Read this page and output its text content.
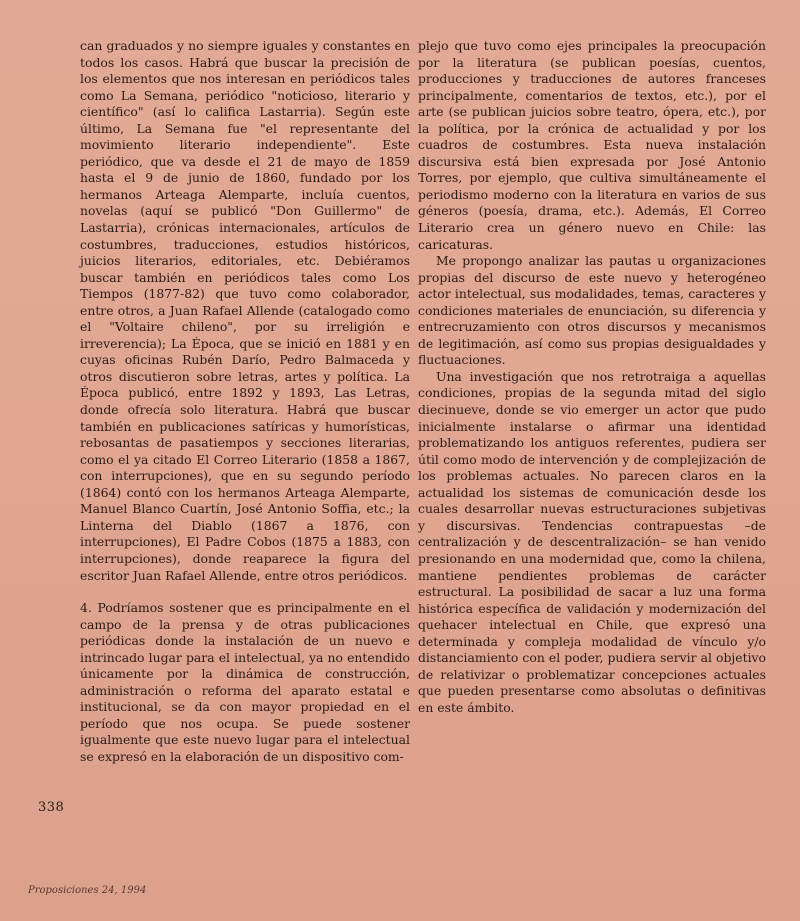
can graduados y no siempre iguales y constantes en todos los casos. Habrá que buscar la precisión de los elementos que nos interesan en periódicos tales como La Semana, periódico "noticioso, literario y científico" (así lo califica Lastarria). Según este último, La Semana fue "el representante del movimiento literario independiente". Este periódico, que va desde el 21 de mayo de 1859 hasta el 9 de junio de 1860, fundado por los hermanos Arteaga Alemparte, incluía cuentos, novelas (aquí se publicó "Don Guillermo" de Lastarria), crónicas internacionales, artículos de costumbres, traducciones, estudios históricos, juicios literarios, editoriales, etc. Debiéramos buscar también en periódicos tales como Los Tiempos (1877-82) que tuvo como colaborador, entre otros, a Juan Rafael Allende (catalogado como el "Voltaire chileno", por su irreligión e irreverencia); La Época, que se inició en 1881 y en cuyas oficinas Rubén Darío, Pedro Balmaceda y otros discutieron sobre letras, artes y política. La Época publicó, entre 1892 y 1893, Las Letras, donde ofrecía solo literatura. Habrá que buscar también en publicaciones satíricas y humorísticas, rebosantas de pasatiempos y secciones literarias, como el ya citado El Correo Literario (1858 a 1867, con interrupciones), que en su segundo período (1864) contó con los hermanos Arteaga Alemparte, Manuel Blanco Cuartín, José Antonio Soffia, etc.; la Linterna del Diablo (1867 a 1876, con interrupciones), El Padre Cobos (1875 a 1883, con interrupciones), donde reaparece la figura del escritor Juan Rafael Allende, entre otros periódicos.

4. Podríamos sostener que es principalmente en el campo de la prensa y de otras publicaciones periódicas donde la instalación de un nuevo e intrincado lugar para el intelectual, ya no entendido únicamente por la dinámica de construcción, administración o reforma del aparato estatal e institucional, se da con mayor propiedad en el período que nos ocupa. Se puede sostener igualmente que este nuevo lugar para el intelectual se expresó en la elaboración de un dispositivo com-

plejo que tuvo como ejes principales la preocupación por la literatura (se publican poesías, cuentos, producciones y traducciones de autores franceses principalmente, comentarios de textos, etc.), por el arte (se publican juicios sobre teatro, ópera, etc.), por la política, por la crónica de actualidad y por los cuadros de costumbres. Esta nueva instalación discursiva está bien expresada por José Antonio Torres, por ejemplo, que cultiva simultáneamente el periodismo moderno con la literatura en varios de sus géneros (poesía, drama, etc.). Además, El Correo Literario crea un género nuevo en Chile: las caricaturas.

Me propongo analizar las pautas u organizaciones propias del discurso de este nuevo y heterogéneo actor intelectual, sus modalidades, temas, caracteres y condiciones materiales de enunciación, su diferencia y entrecruzamiento con otros discursos y mecanismos de legitimación, así como sus propias desigualdades y fluctuaciones.

Una investigación que nos retrotraiga a aquellas condiciones, propias de la segunda mitad del siglo diecinueve, donde se vio emerger un actor que pudo inicialmente instalarse o afirmar una identidad problematizando los antiguos referentes, pudiera ser útil como modo de intervención y de complejización de los problemas actuales. No parecen claros en la actualidad los sistemas de comunicación desde los cuales desarrollar nuevas estructuraciones subjetivas y discursivas. Tendencias contrapuestas –de centralización y de descentralización– se han venido presionando en una modernidad que, como la chilena, mantiene pendientes problemas de carácter estructural. La posibilidad de sacar a luz una forma histórica específica de validación y modernización del quehacer intelectual en Chile, que expresó una determinada y compleja modalidad de vínculo y/o distanciamiento con el poder, pudiera servir al objetivo de relativizar o problematizar concepciones actuales que pueden presentarse como absolutas o definitivas en este ámbito.

338
Proposiciones 24, 1994
